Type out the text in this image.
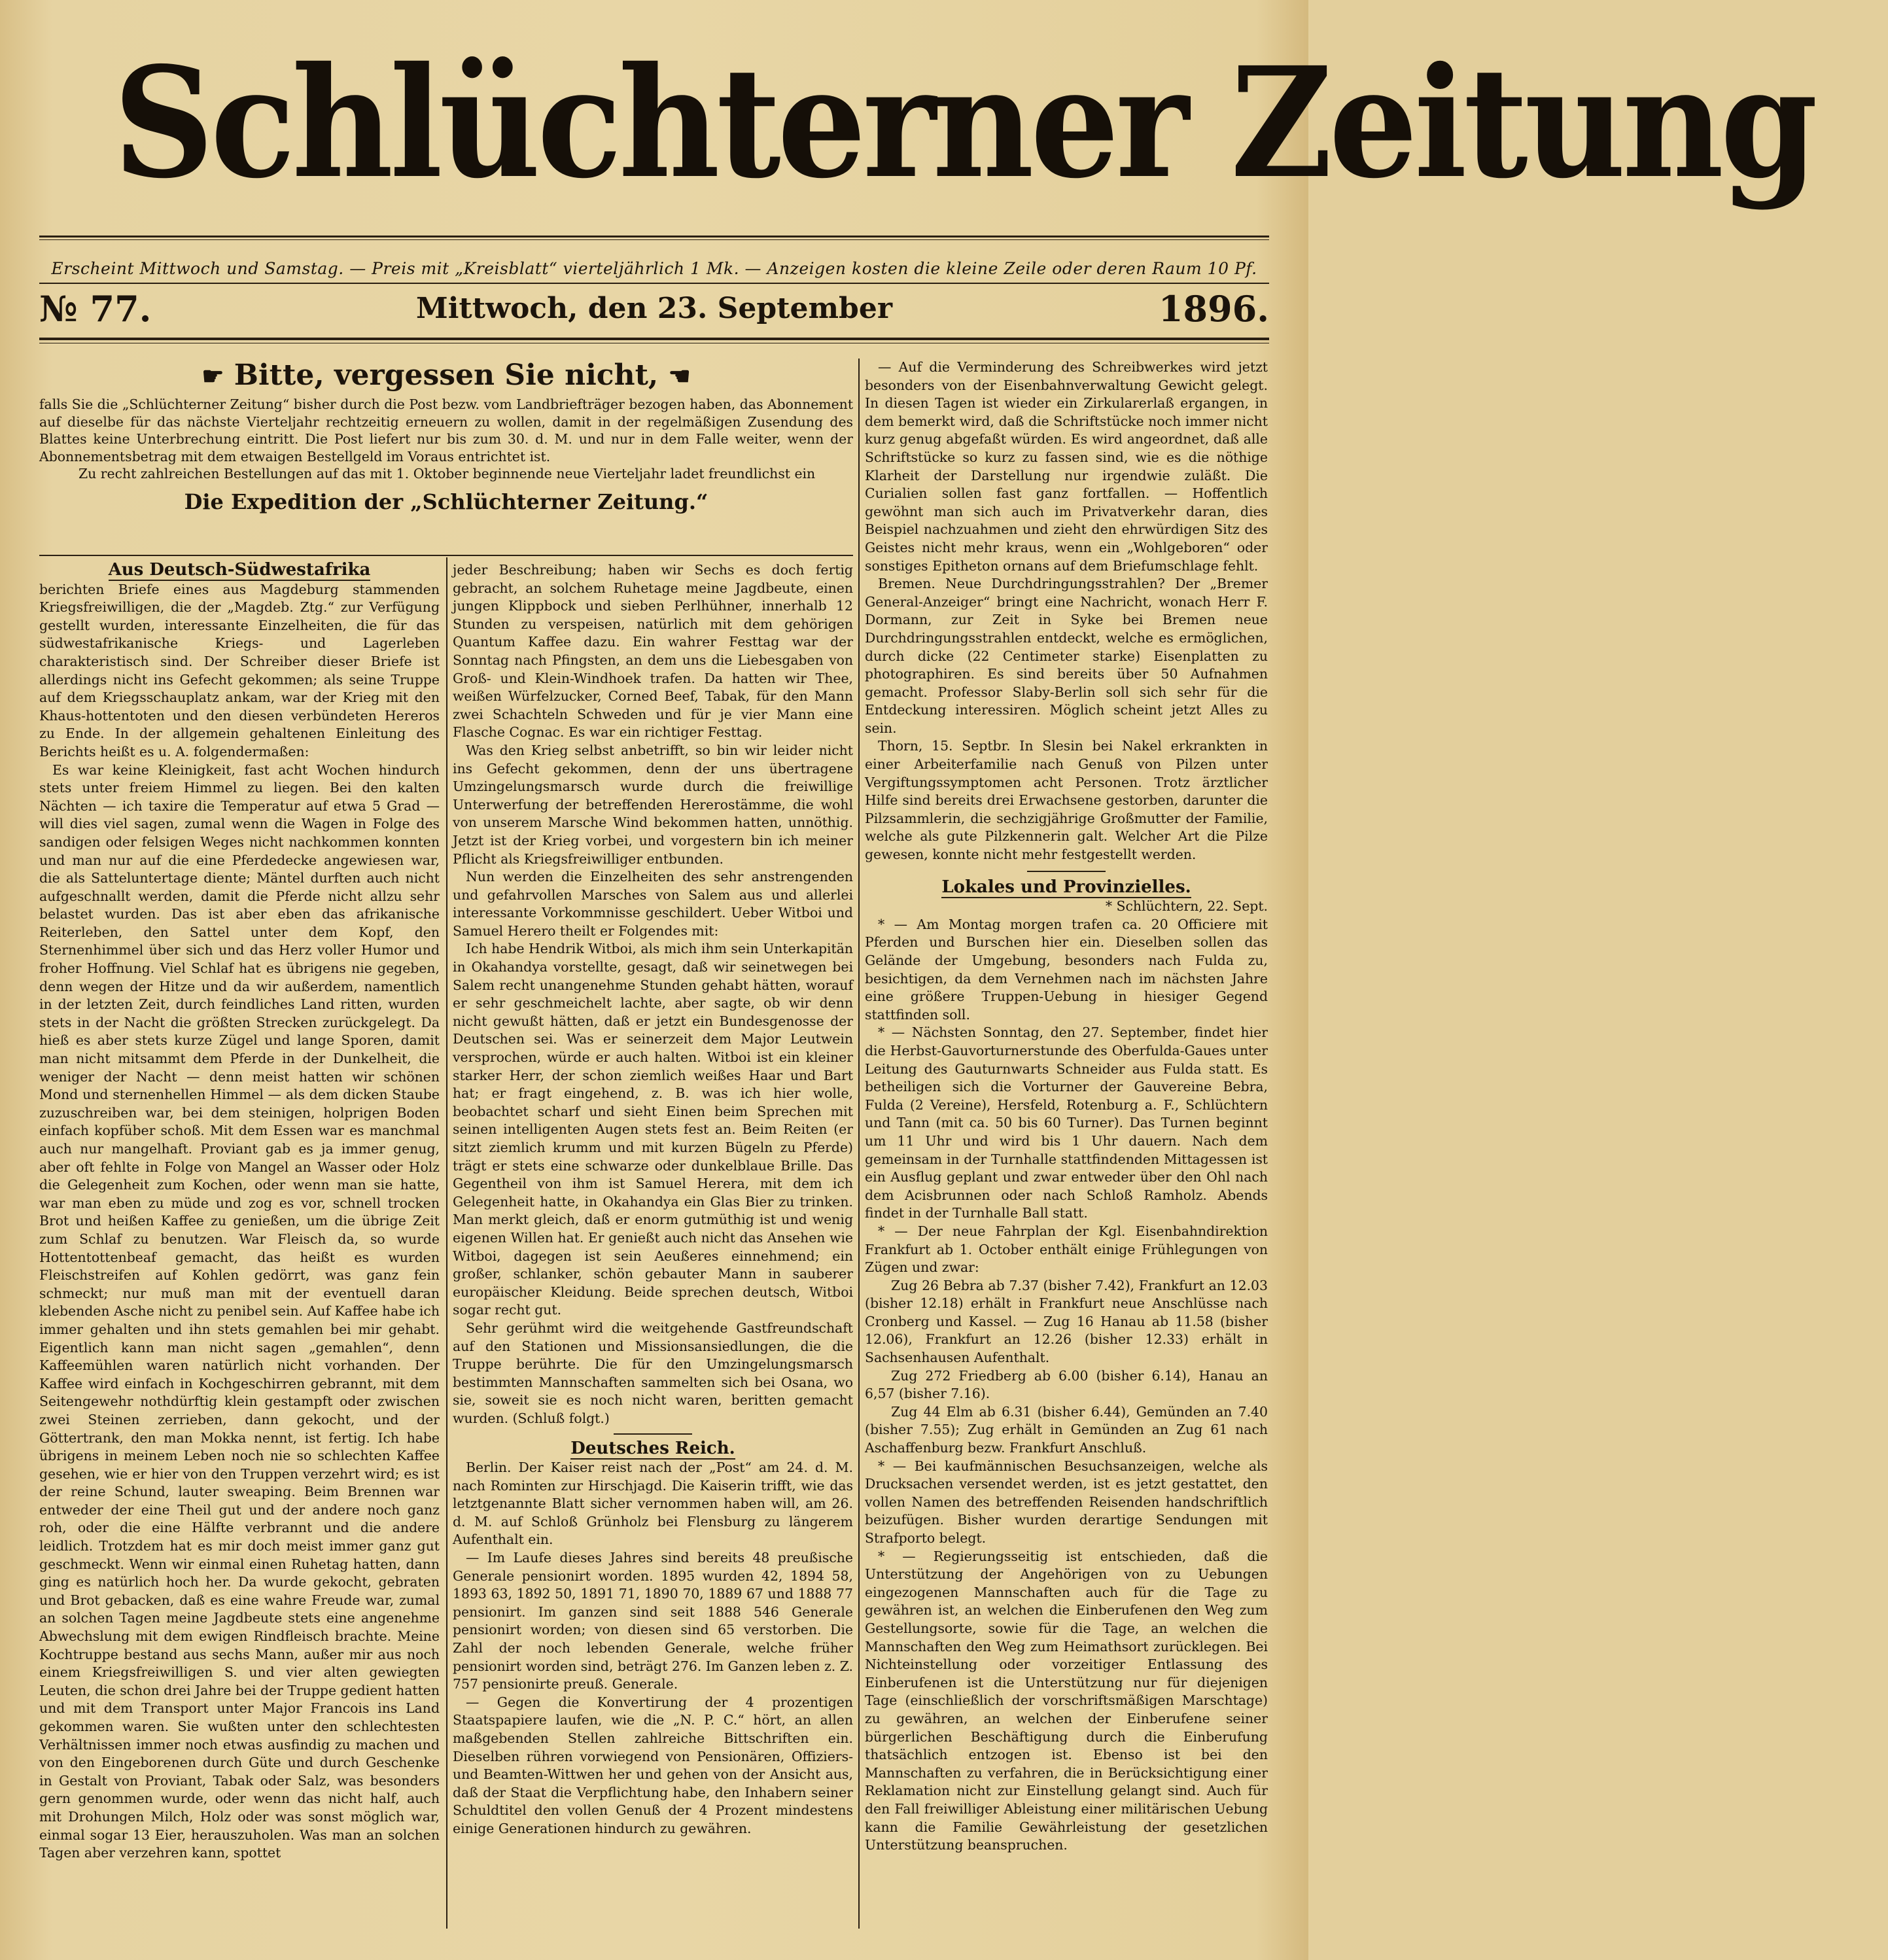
Schlüchterner Zeitung
Erscheint Mittwoch und Samstag. — Preis mit „Kreisblatt“ vierteljährlich 1 Mk. — Anzeigen kosten die kleine Zeile oder deren Raum 10 Pf.
№ 77.	Mittwoch, den 23. September	1896.
☛ Bitte, vergessen Sie nicht, ☚

falls Sie die „Schlüchterner Zeitung“ bisher durch die Post bezw. vom Landbriefträger bezogen haben, das Abonnement auf dieselbe für das nächste Vierteljahr rechtzeitig erneuern zu wollen, damit in der regelmäßigen Zusendung des Blattes keine Unterbrechung eintritt. Die Post liefert nur bis zum 30. d. M. und nur in dem Falle weiter, wenn der Abonnementsbetrag mit dem etwaigen Bestellgeld im Voraus entrichtet ist.

Zu recht zahlreichen Bestellungen auf das mit 1. Oktober beginnende neue Vierteljahr ladet freundlichst ein

Die Expedition der „Schlüchterner Zeitung.“
Aus Deutsch-Südwestafrika

berichten Briefe eines aus Magdeburg stammenden Kriegsfreiwilligen, die der „Magdeb. Ztg.“ zur Verfügung gestellt wurden, interessante Einzelheiten, die für das südwestafrikanische Kriegs- und Lagerleben charakteristisch sind. Der Schreiber dieser Briefe ist allerdings nicht ins Gefecht gekommen; als seine Truppe auf dem Kriegsschauplatz ankam, war der Krieg mit den Khaus-hottentoten und den diesen verbündeten Hereros zu Ende. In der allgemein gehaltenen Einleitung des Berichts heißt es u. A. folgendermaßen:

Es war keine Kleinigkeit, fast acht Wochen hindurch stets unter freiem Himmel zu liegen. Bei den kalten Nächten — ich taxire die Temperatur auf etwa 5 Grad — will dies viel sagen, zumal wenn die Wagen in Folge des sandigen oder felsigen Weges nicht nachkommen konnten und man nur auf die eine Pferdedecke angewiesen war, die als Satteluntertage diente; Mäntel durften auch nicht aufgeschnallt werden, damit die Pferde nicht allzu sehr belastet wurden. Das ist aber eben das afrikanische Reiterleben, den Sattel unter dem Kopf, den Sternenhimmel über sich und das Herz voller Humor und froher Hoffnung. Viel Schlaf hat es übrigens nie gegeben, denn wegen der Hitze und da wir außerdem, namentlich in der letzten Zeit, durch feindliches Land ritten, wurden stets in der Nacht die größten Strecken zurückgelegt. Da hieß es aber stets kurze Zügel und lange Sporen, damit man nicht mitsammt dem Pferde in der Dunkelheit, die weniger der Nacht — denn meist hatten wir schönen Mond und sternenhellen Himmel — als dem dicken Staube zuzuschreiben war, bei dem steinigen, holprigen Boden einfach kopfüber schoß. Mit dem Essen war es manchmal auch nur mangelhaft. Proviant gab es ja immer genug, aber oft fehlte in Folge von Mangel an Wasser oder Holz die Gelegenheit zum Kochen, oder wenn man sie hatte, war man eben zu müde und zog es vor, schnell trocken Brot und heißen Kaffee zu genießen, um die übrige Zeit zum Schlaf zu benutzen. War Fleisch da, so wurde Hottentottenbeaf gemacht, das heißt es wurden Fleischstreifen auf Kohlen gedörrt, was ganz fein schmeckt; nur muß man mit der eventuell daran klebenden Asche nicht zu penibel sein. Auf Kaffee habe ich immer gehalten und ihn stets gemahlen bei mir gehabt. Eigentlich kann man nicht sagen „gemahlen“, denn Kaffeemühlen waren natürlich nicht vorhanden. Der Kaffee wird einfach in Kochgeschirren gebrannt, mit dem Seitengewehr nothdürftig klein gestampft oder zwischen zwei Steinen zerrieben, dann gekocht, und der Göttertrank, den man Mokka nennt, ist fertig. Ich habe übrigens in meinem Leben noch nie so schlechten Kaffee gesehen, wie er hier von den Truppen verzehrt wird; es ist der reine Schund, lauter sweaping. Beim Brennen war entweder der eine Theil gut und der andere noch ganz roh, oder die eine Hälfte verbrannt und die andere leidlich. Trotzdem hat es mir doch meist immer ganz gut geschmeckt. Wenn wir einmal einen Ruhetag hatten, dann ging es natürlich hoch her. Da wurde gekocht, gebraten und Brot gebacken, daß es eine wahre Freude war, zumal an solchen Tagen meine Jagdbeute stets eine angenehme Abwechslung mit dem ewigen Rindfleisch brachte. Meine Kochtruppe bestand aus sechs Mann, außer mir aus noch einem Kriegsfreiwilligen S. und vier alten gewiegten Leuten, die schon drei Jahre bei der Truppe gedient hatten und mit dem Transport unter Major Francois ins Land gekommen waren. Sie wußten unter den schlechtesten Verhältnissen immer noch etwas ausfindig zu machen und von den Eingeborenen durch Güte und durch Geschenke in Gestalt von Proviant, Tabak oder Salz, was besonders gern genommen wurde, oder wenn das nicht half, auch mit Drohungen Milch, Holz oder was sonst möglich war, einmal sogar 13 Eier, herauszuholen. Was man an solchen Tagen aber verzehren kann, spottet

jeder Beschreibung; haben wir Sechs es doch fertig gebracht, an solchem Ruhetage meine Jagdbeute, einen jungen Klippbock und sieben Perlhühner, innerhalb 12 Stunden zu verspeisen, natürlich mit dem gehörigen Quantum Kaffee dazu. Ein wahrer Festtag war der Sonntag nach Pfingsten, an dem uns die Liebesgaben von Groß- und Klein-Windhoek trafen. Da hatten wir Thee, weißen Würfelzucker, Corned Beef, Tabak, für den Mann zwei Schachteln Schweden und für je vier Mann eine Flasche Cognac. Es war ein richtiger Festtag.

Was den Krieg selbst anbetrifft, so bin wir leider nicht ins Gefecht gekommen, denn der uns übertragene Umzingelungsmarsch wurde durch die freiwillige Unterwerfung der betreffenden Hererostämme, die wohl von unserem Marsche Wind bekommen hatten, unnöthig. Jetzt ist der Krieg vorbei, und vorgestern bin ich meiner Pflicht als Kriegsfreiwilliger entbunden.

Nun werden die Einzelheiten des sehr anstrengenden und gefahrvollen Marsches von Salem aus und allerlei interessante Vorkommnisse geschildert. Ueber Witboi und Samuel Herero theilt er Folgendes mit:

Ich habe Hendrik Witboi, als mich ihm sein Unterkapitän in Okahandya vorstellte, gesagt, daß wir seinetwegen bei Salem recht unangenehme Stunden gehabt hätten, worauf er sehr geschmeichelt lachte, aber sagte, ob wir denn nicht gewußt hätten, daß er jetzt ein Bundesgenosse der Deutschen sei. Was er seinerzeit dem Major Leutwein versprochen, würde er auch halten. Witboi ist ein kleiner starker Herr, der schon ziemlich weißes Haar und Bart hat; er fragt eingehend, z. B. was ich hier wolle, beobachtet scharf und sieht Einen beim Sprechen mit seinen intelligenten Augen stets fest an. Beim Reiten (er sitzt ziemlich krumm und mit kurzen Bügeln zu Pferde) trägt er stets eine schwarze oder dunkelblaue Brille. Das Gegentheil von ihm ist Samuel Herera, mit dem ich Gelegenheit hatte, in Okahandya ein Glas Bier zu trinken. Man merkt gleich, daß er enorm gutmüthig ist und wenig eigenen Willen hat. Er genießt auch nicht das Ansehen wie Witboi, dagegen ist sein Aeußeres einnehmend; ein großer, schlanker, schön gebauter Mann in sauberer europäischer Kleidung. Beide sprechen deutsch, Witboi sogar recht gut.

Sehr gerühmt wird die weitgehende Gastfreundschaft auf den Stationen und Missionsansiedlungen, die die Truppe berührte. Die für den Umzingelungsmarsch bestimmten Mannschaften sammelten sich bei Osana, wo sie, soweit sie es noch nicht waren, beritten gemacht wurden. (Schluß folgt.)

Deutsches Reich.

Berlin. Der Kaiser reist nach der „Post“ am 24. d. M. nach Rominten zur Hirschjagd. Die Kaiserin trifft, wie das letztgenannte Blatt sicher vernommen haben will, am 26. d. M. auf Schloß Grünholz bei Flensburg zu längerem Aufenthalt ein.

— Im Laufe dieses Jahres sind bereits 48 preußische Generale pensionirt worden. 1895 wurden 42, 1894 58, 1893 63, 1892 50, 1891 71, 1890 70, 1889 67 und 1888 77 pensionirt. Im ganzen sind seit 1888 546 Generale pensionirt worden; von diesen sind 65 verstorben. Die Zahl der noch lebenden Generale, welche früher pensionirt worden sind, beträgt 276. Im Ganzen leben z. Z. 757 pensionirte preuß. Generale.

— Gegen die Konvertirung der 4 prozentigen Staatspapiere laufen, wie die „N. P. C.“ hört, an allen maßgebenden Stellen zahlreiche Bittschriften ein. Dieselben rühren vorwiegend von Pensionären, Offiziers- und Beamten-Wittwen her und gehen von der Ansicht aus, daß der Staat die Verpflichtung habe, den Inhabern seiner Schuldtitel den vollen Genuß der 4 Prozent mindestens einige Generationen hindurch zu gewähren.

— Auf die Verminderung des Schreibwerkes wird jetzt besonders von der Eisenbahnverwaltung Gewicht gelegt. In diesen Tagen ist wieder ein Zirkularerlaß ergangen, in dem bemerkt wird, daß die Schriftstücke noch immer nicht kurz genug abgefaßt würden. Es wird angeordnet, daß alle Schriftstücke so kurz zu fassen sind, wie es die nöthige Klarheit der Darstellung nur irgendwie zuläßt. Die Curialien sollen fast ganz fortfallen. — Hoffentlich gewöhnt man sich auch im Privatverkehr daran, dies Beispiel nachzuahmen und zieht den ehrwürdigen Sitz des Geistes nicht mehr kraus, wenn ein „Wohlgeboren“ oder sonstiges Epitheton ornans auf dem Briefumschlage fehlt.

Bremen. Neue Durchdringungsstrahlen? Der „Bremer General-Anzeiger“ bringt eine Nachricht, wonach Herr F. Dormann, zur Zeit in Syke bei Bremen neue Durchdringungsstrahlen entdeckt, welche es ermöglichen, durch dicke (22 Centimeter starke) Eisenplatten zu photographiren. Es sind bereits über 50 Aufnahmen gemacht. Professor Slaby-Berlin soll sich sehr für die Entdeckung interessiren. Möglich scheint jetzt Alles zu sein.

Thorn, 15. Septbr. In Slesin bei Nakel erkrankten in einer Arbeiterfamilie nach Genuß von Pilzen unter Vergiftungssymptomen acht Personen. Trotz ärztlicher Hilfe sind bereits drei Erwachsene gestorben, darunter die Pilzsammlerin, die sechzigjährige Großmutter der Familie, welche als gute Pilzkennerin galt. Welcher Art die Pilze gewesen, konnte nicht mehr festgestellt werden.

Lokales und Provinzielles.

* Schlüchtern, 22. Sept.

* — Am Montag morgen trafen ca. 20 Officiere mit Pferden und Burschen hier ein. Dieselben sollen das Gelände der Umgebung, besonders nach Fulda zu, besichtigen, da dem Vernehmen nach im nächsten Jahre eine größere Truppen-Uebung in hiesiger Gegend stattfinden soll.

* — Nächsten Sonntag, den 27. September, findet hier die Herbst-Gauvorturnerstunde des Oberfulda-Gaues unter Leitung des Gauturnwarts Schneider aus Fulda statt. Es betheiligen sich die Vorturner der Gauvereine Bebra, Fulda (2 Vereine), Hersfeld, Rotenburg a. F., Schlüchtern und Tann (mit ca. 50 bis 60 Turner). Das Turnen beginnt um 11 Uhr und wird bis 1 Uhr dauern. Nach dem gemeinsam in der Turnhalle stattfindenden Mittagessen ist ein Ausflug geplant und zwar entweder über den Ohl nach dem Acisbrunnen oder nach Schloß Ramholz. Abends findet in der Turnhalle Ball statt.

* — Der neue Fahrplan der Kgl. Eisenbahndirektion Frankfurt ab 1. October enthält einige Frühlegungen von Zügen und zwar:

Zug 26 Bebra ab 7.37 (bisher 7.42), Frankfurt an 12.03 (bisher 12.18) erhält in Frankfurt neue Anschlüsse nach Cronberg und Kassel. — Zug 16 Hanau ab 11.58 (bisher 12.06), Frankfurt an 12.26 (bisher 12.33) erhält in Sachsenhausen Aufenthalt.

Zug 272 Friedberg ab 6.00 (bisher 6.14), Hanau an 6,57 (bisher 7.16).

Zug 44 Elm ab 6.31 (bisher 6.44), Gemünden an 7.40 (bisher 7.55); Zug erhält in Gemünden an Zug 61 nach Aschaffenburg bezw. Frankfurt Anschluß.

* — Bei kaufmännischen Besuchsanzeigen, welche als Drucksachen versendet werden, ist es jetzt gestattet, den vollen Namen des betreffenden Reisenden handschriftlich beizufügen. Bisher wurden derartige Sendungen mit Strafporto belegt.

* — Regierungsseitig ist entschieden, daß die Unterstützung der Angehörigen von zu Uebungen eingezogenen Mannschaften auch für die Tage zu gewähren ist, an welchen die Einberufenen den Weg zum Gestellungsorte, sowie für die Tage, an welchen die Mannschaften den Weg zum Heimathsort zurücklegen. Bei Nichteinstellung oder vorzeitiger Entlassung des Einberufenen ist die Unterstützung nur für diejenigen Tage (einschließlich der vorschriftsmäßigen Marschtage) zu gewähren, an welchen der Einberufene seiner bürgerlichen Beschäftigung durch die Einberufung thatsächlich entzogen ist. Ebenso ist bei den Mannschaften zu verfahren, die in Berücksichtigung einer Reklamation nicht zur Einstellung gelangt sind. Auch für den Fall freiwilliger Ableistung einer militärischen Uebung kann die Familie Gewährleistung der gesetzlichen Unterstützung beanspruchen.
